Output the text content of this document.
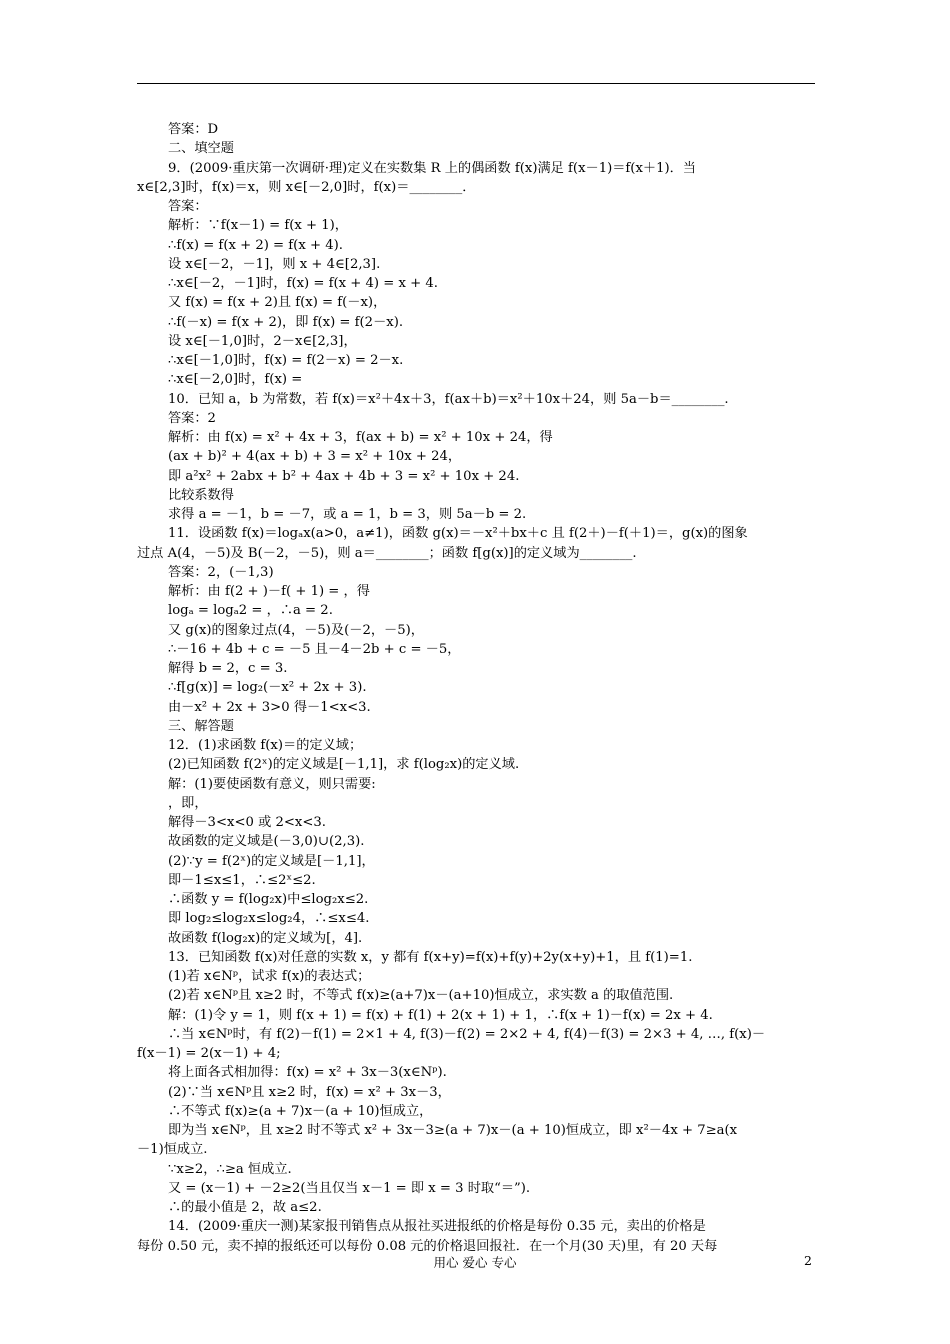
答案：D
二、填空题
9．(2009·重庆第一次调研·理)定义在实数集 R 上的偶函数 f(x)满足 f(x－1)＝f(x＋1)．当
x∈[2,3]时，f(x)＝x，则 x∈[－2,0]时，f(x)＝________．
答案：
解析：∵f(x－1) = f(x + 1)，
∴f(x) = f(x + 2) = f(x + 4).
设 x∈[－2，－1]，则 x + 4∈[2,3].
∴x∈[－2，－1]时，f(x) = f(x + 4) = x + 4.
又 f(x) = f(x + 2)且 f(x) = f(－x)，
∴f(－x) = f(x + 2)，即 f(x) = f(2－x).
设 x∈[－1,0]时，2－x∈[2,3]，
∴x∈[－1,0]时，f(x) = f(2－x) = 2－x.
∴x∈[－2,0]时，f(x) =
10．已知 a，b 为常数，若 f(x)＝x²＋4x＋3，f(ax＋b)＝x²＋10x＋24，则 5a－b＝________.
答案：2
解析：由 f(x) = x² + 4x + 3，f(ax + b) = x² + 10x + 24，得
(ax + b)² + 4(ax + b) + 3 = x² + 10x + 24，
即 a²x² + 2abx + b² + 4ax + 4b + 3 = x² + 10x + 24.
比较系数得
求得 a = －1，b = －7，或 a = 1，b = 3，则 5a－b = 2.
11．设函数 f(x)＝logₐx(a>0，a≠1)，函数 g(x)＝－x²＋bx＋c 且 f(2＋)－f(＋1)＝，g(x)的图象
过点 A(4，－5)及 B(－2，－5)，则 a＝________；函数 f[g(x)]的定义域为________.
答案：2，(－1,3)
解析：由 f(2 + )－f( + 1) = ，得
logₐ = logₐ2 = ，∴a = 2.
又 g(x)的图象过点(4，－5)及(－2，－5)，
∴－16 + 4b + c = －5 且－4－2b + c = －5，
解得 b = 2，c = 3.
∴f[g(x)] = log₂(－x² + 2x + 3).
由－x² + 2x + 3>0 得－1<x<3.
三、解答题
12．(1)求函数 f(x)＝的定义域；
(2)已知函数 f(2ˣ)的定义域是[－1,1]，求 f(log₂x)的定义域.
解：(1)要使函数有意义，则只需要:
，即，
解得－3<x<0 或 2<x<3.
故函数的定义域是(－3,0)∪(2,3).
(2)∵y = f(2ˣ)的定义域是[－1,1]，
即－1≤x≤1，∴≤2ˣ≤2.
∴函数 y = f(log₂x)中≤log₂x≤2.
即 log₂≤log₂x≤log₂4，∴≤x≤4.
故函数 f(log₂x)的定义域为[，4].
13．已知函数 f(x)对任意的实数 x，y 都有 f(x+y)=f(x)+f(y)+2y(x+y)+1，且 f(1)=1.
(1)若 x∈Nᵖ，试求 f(x)的表达式；
(2)若 x∈Nᵖ且 x≥2 时，不等式 f(x)≥(a+7)x－(a+10)恒成立，求实数 a 的取值范围.
解：(1)令 y = 1，则 f(x + 1) = f(x) + f(1) + 2(x + 1) + 1，∴f(x + 1)－f(x) = 2x + 4.
∴当 x∈Nᵖ时，有 f(2)－f(1) = 2×1 + 4, f(3)－f(2) = 2×2 + 4, f(4)－f(3) = 2×3 + 4, …, f(x)－
f(x－1) = 2(x－1) + 4;
将上面各式相加得：f(x) = x² + 3x－3(x∈Nᵖ).
(2)∵当 x∈Nᵖ且 x≥2 时，f(x) = x² + 3x－3，
∴不等式 f(x)≥(a + 7)x－(a + 10)恒成立，
即为当 x∈Nᵖ，且 x≥2 时不等式 x² + 3x－3≥(a + 7)x－(a + 10)恒成立，即 x²－4x + 7≥a(x
－1)恒成立.
∵x≥2，∴≥a 恒成立.
又 = (x－1) + －2≥2(当且仅当 x－1 = 即 x = 3 时取“＝”).
∴的最小值是 2，故 a≤2.
14．(2009·重庆一测)某家报刊销售点从报社买进报纸的价格是每份 0.35 元，卖出的价格是
每份 0.50 元，卖不掉的报纸还可以每份 0.08 元的价格退回报社．在一个月(30 天)里，有 20 天每
用心 爱心 专心	2
